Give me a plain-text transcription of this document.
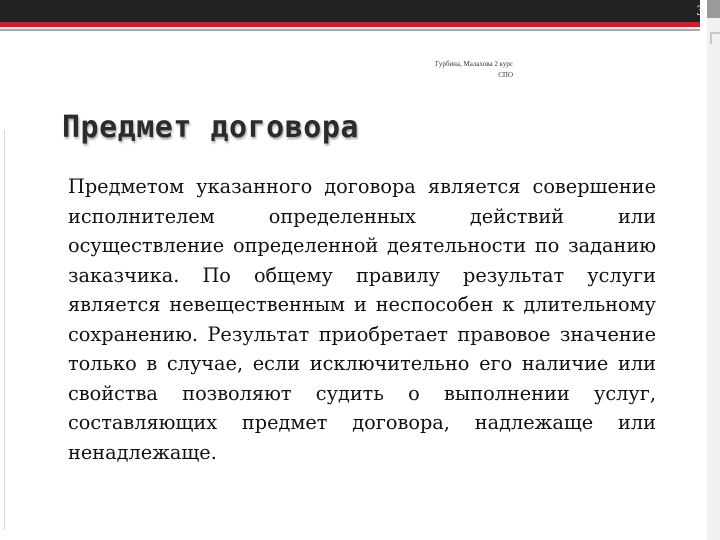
3
Гурбина, Малахова 2 курс СПО
Предмет договора
Предметом указанного договора является совершение исполнителем определенных действий или осуществление определенной деятельности по заданию заказчика. По общему правилу результат услуги является невещественным и неспособен к длительному сохранению. Результат приобретает правовое значение только в случае, если исключительно его наличие или свойства позволяют судить о выполнении услуг, составляющих предмет договора, надлежаще или ненадлежаще.
